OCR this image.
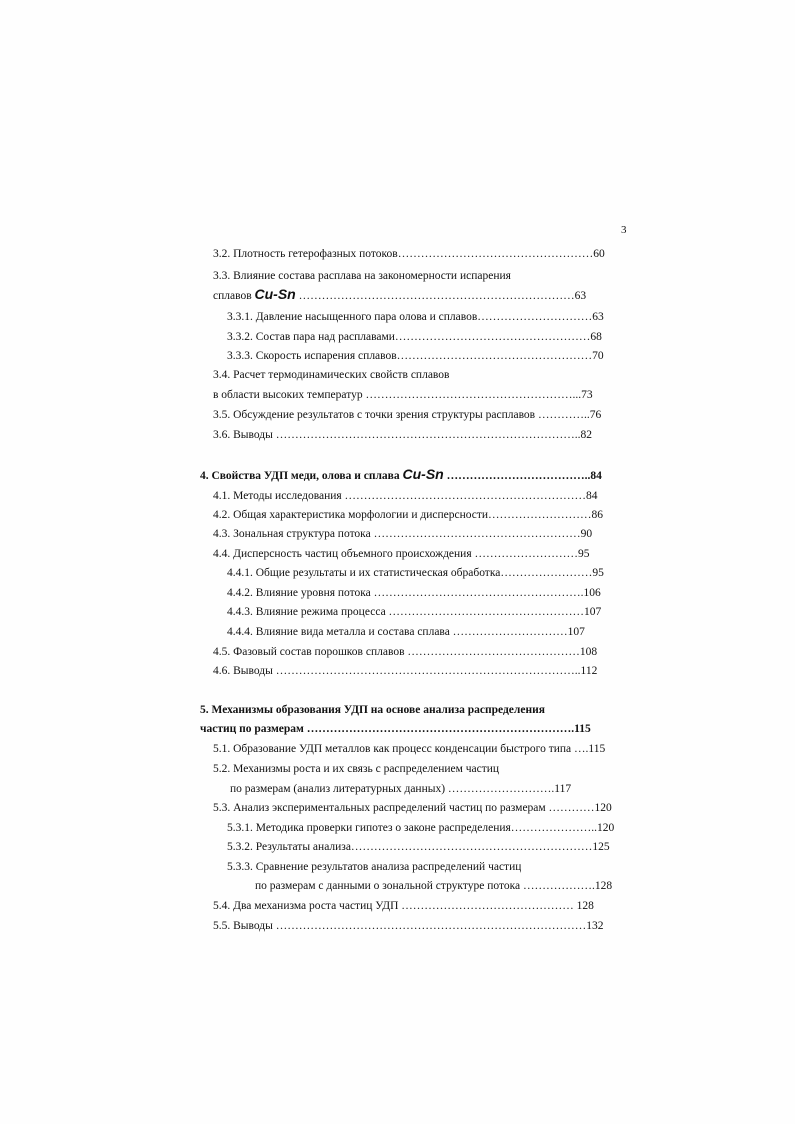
3
3.2. Плотность гетерофазных потоков……………………………………………60
3.3. Влияние состава расплава на закономерности испарения
сплавов Cu-Sn ………………………………………………………………63
3.3.1. Давление насыщенного пара олова и сплавов…………………………63
3.3.2. Состав пара над расплавами……………………………………………68
3.3.3. Скорость испарения сплавов……………………………………………70
3.4. Расчет термодинамических свойств сплавов
в области высоких температур ………………………………………………...73
3.5. Обсуждение результатов с точки зрения структуры расплавов …………..76
3.6. Выводы ……………………………………………………………………..82
4. Свойства УДП меди, олова и сплава Cu-Sn ………………………………..84
4.1. Методы исследования ………………………………………………………84
4.2. Общая характеристика морфологии и дисперсности………………………86
4.3. Зональная структура потока ………………………………………………90
4.4. Дисперсность частиц объемного происхождения ………………………95
4.4.1. Общие результаты и их статистическая обработка……………………95
4.4.2. Влияние уровня потока ……………………………………………….106
4.4.3. Влияние режима процесса ……………………………………………107
4.4.4. Влияние вида металла и состава сплава …………………………107
4.5. Фазовый состав порошков сплавов ………………………………………108
4.6. Выводы ……………………………………………………………………..112
5. Механизмы образования УДП на основе анализа распределения
частиц по размерам …………………………………………………………….115
5.1. Образование УДП металлов как процесс конденсации быстрого типа ….115
5.2. Механизмы роста и их связь с распределением частиц
по размерам (анализ литературных данных) ……………………….117
5.3. Анализ экспериментальных распределений частиц по размерам …………120
5.3.1. Методика проверки гипотез о законе распределения…………………..120
5.3.2. Результаты анализа………………………………………………………125
5.3.3. Сравнение результатов анализа распределений частиц
по размерам с данными о зональной структуре потока ……………….128
5.4. Два механизма роста частиц УДП ……………………………………… 128
5.5. Выводы ………………………………………………………………………132
